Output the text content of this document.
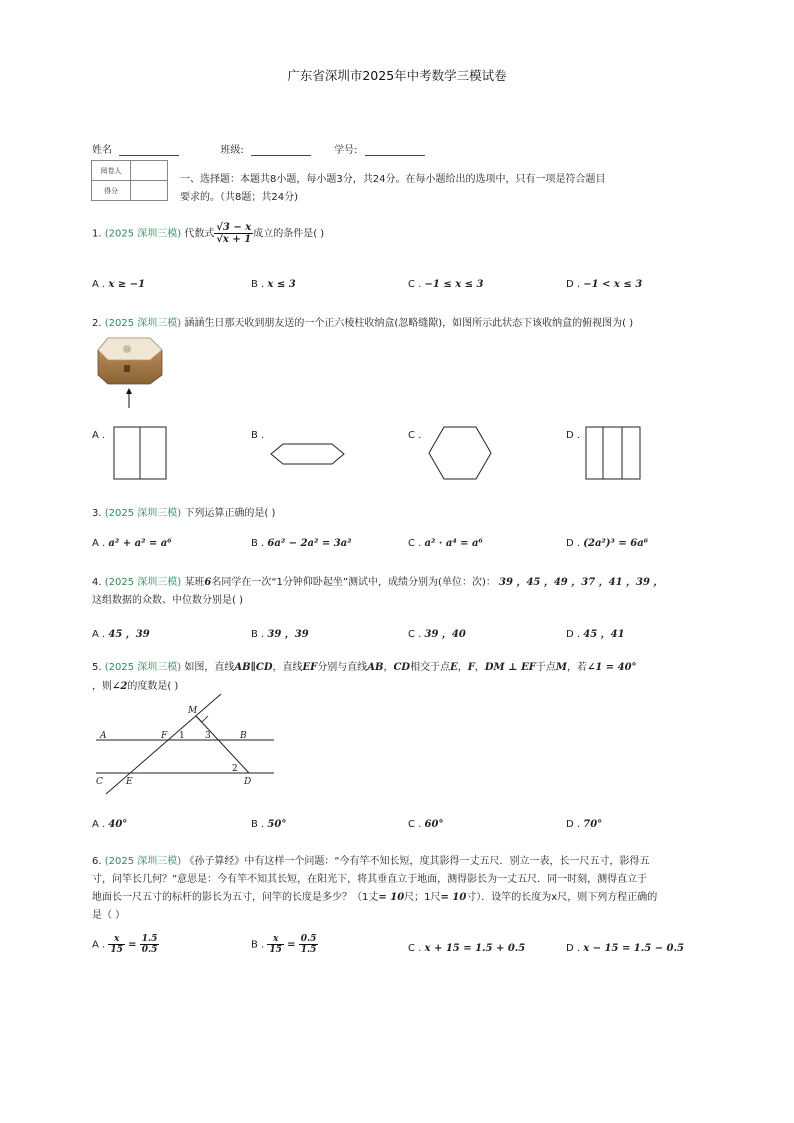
广东省深圳市2025年中考数学三模试卷
姓名	班级:	学号:
阅卷人	
得分	
一、选择题：本题共8小题，每小题3分，共24分。在每小题给出的选项中，只有一项是符合题目
要求的。（共8题；共24分)
1. (2025 深圳三模) 代数式 $\frac{√3 - x}{√x + 1}$ 成立的条件是( )
A . x ≥ −1	B . x ≤ 3	C . −1 ≤ x ≤ 3	D . −1 < x ≤ 3
2. (2025 深圳三模) 涵涵生日那天收到朋友送的一个正六棱柱收纳盒(忽略缝隙)，如图所示此状态下该收纳盒的俯视图为( )
A .	B .	C .	D .
3. (2025 深圳三模) 下列运算正确的是( )
A . a² + a² = a⁶	B . 6a² − 2a² = 3a²	C . a² · a⁴ = a⁶	D . (2a²)³ = 6a⁶
4. (2025 深圳三模) 某班6名同学在一次“1分钟仰卧起坐”测试中，成绩分别为(单位：次)： 39 ，45 ，49 ，37 ，41 ，39 ，
这组数据的众数、中位数分别是( )
A . 45 ，39	B . 39 ，39	C . 39 ，40	D . 45 ，41
5. (2025 深圳三模) 如图，直线AB∥CD，直线EF分别与直线AB，CD相交于点E，F，DM ⊥ EF于点M，若∠1 = 40°
，则∠2的度数是( )
M
A	F 1 3	B
C	E
2
D
A . 40°	B . 50°	C . 60°	D . 70°
6. (2025 深圳三模) 《孙子算经》中有这样一个问题：“今有竿不知长短，度其影得一丈五尺．别立一表，长一尺五寸，影得五
寸，问竿长几何？”意思是：今有竿不知其长短，在阳光下，将其垂直立于地面，测得影长为一丈五尺．同一时刻，测得直立于
地面长一尺五寸的标杆的影长为五寸，问竿的长度是多少？（1丈= 10尺；1尺= 10寸）．设竿的长度为x尺，则下列方程正确的
是（ ）
A . $\frac{x}{15} = \frac{1.5}{0.5}$	B . $\frac{x}{15} = \frac{0.5}{1.5}$	C . x + 15 = 1.5 + 0.5	D . x − 15 = 1.5 − 0.5
